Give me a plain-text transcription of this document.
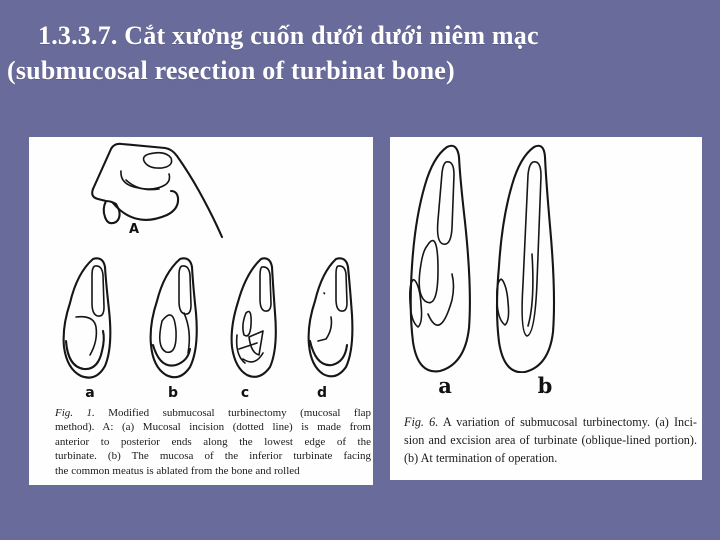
1.3.3.7. Cắt xương cuốn dưới dưới niêm mạc
(submucosal resection of turbinat bone)
A
a	b	c	d
Fig. 1. Modified submucosal turbinectomy (mucosal flap
method). A: (a) Mucosal incision (dotted line) is made from
anterior to posterior ends along the lowest edge of the
turbinate. (b) The mucosa of the inferior turbinate facing
the common meatus is ablated from the bone and rolled
a	b
Fig. 6. A variation of submucosal turbinectomy. (a) Inci-
sion and excision area of turbinate (oblique-lined portion).
(b) At termination of operation.
